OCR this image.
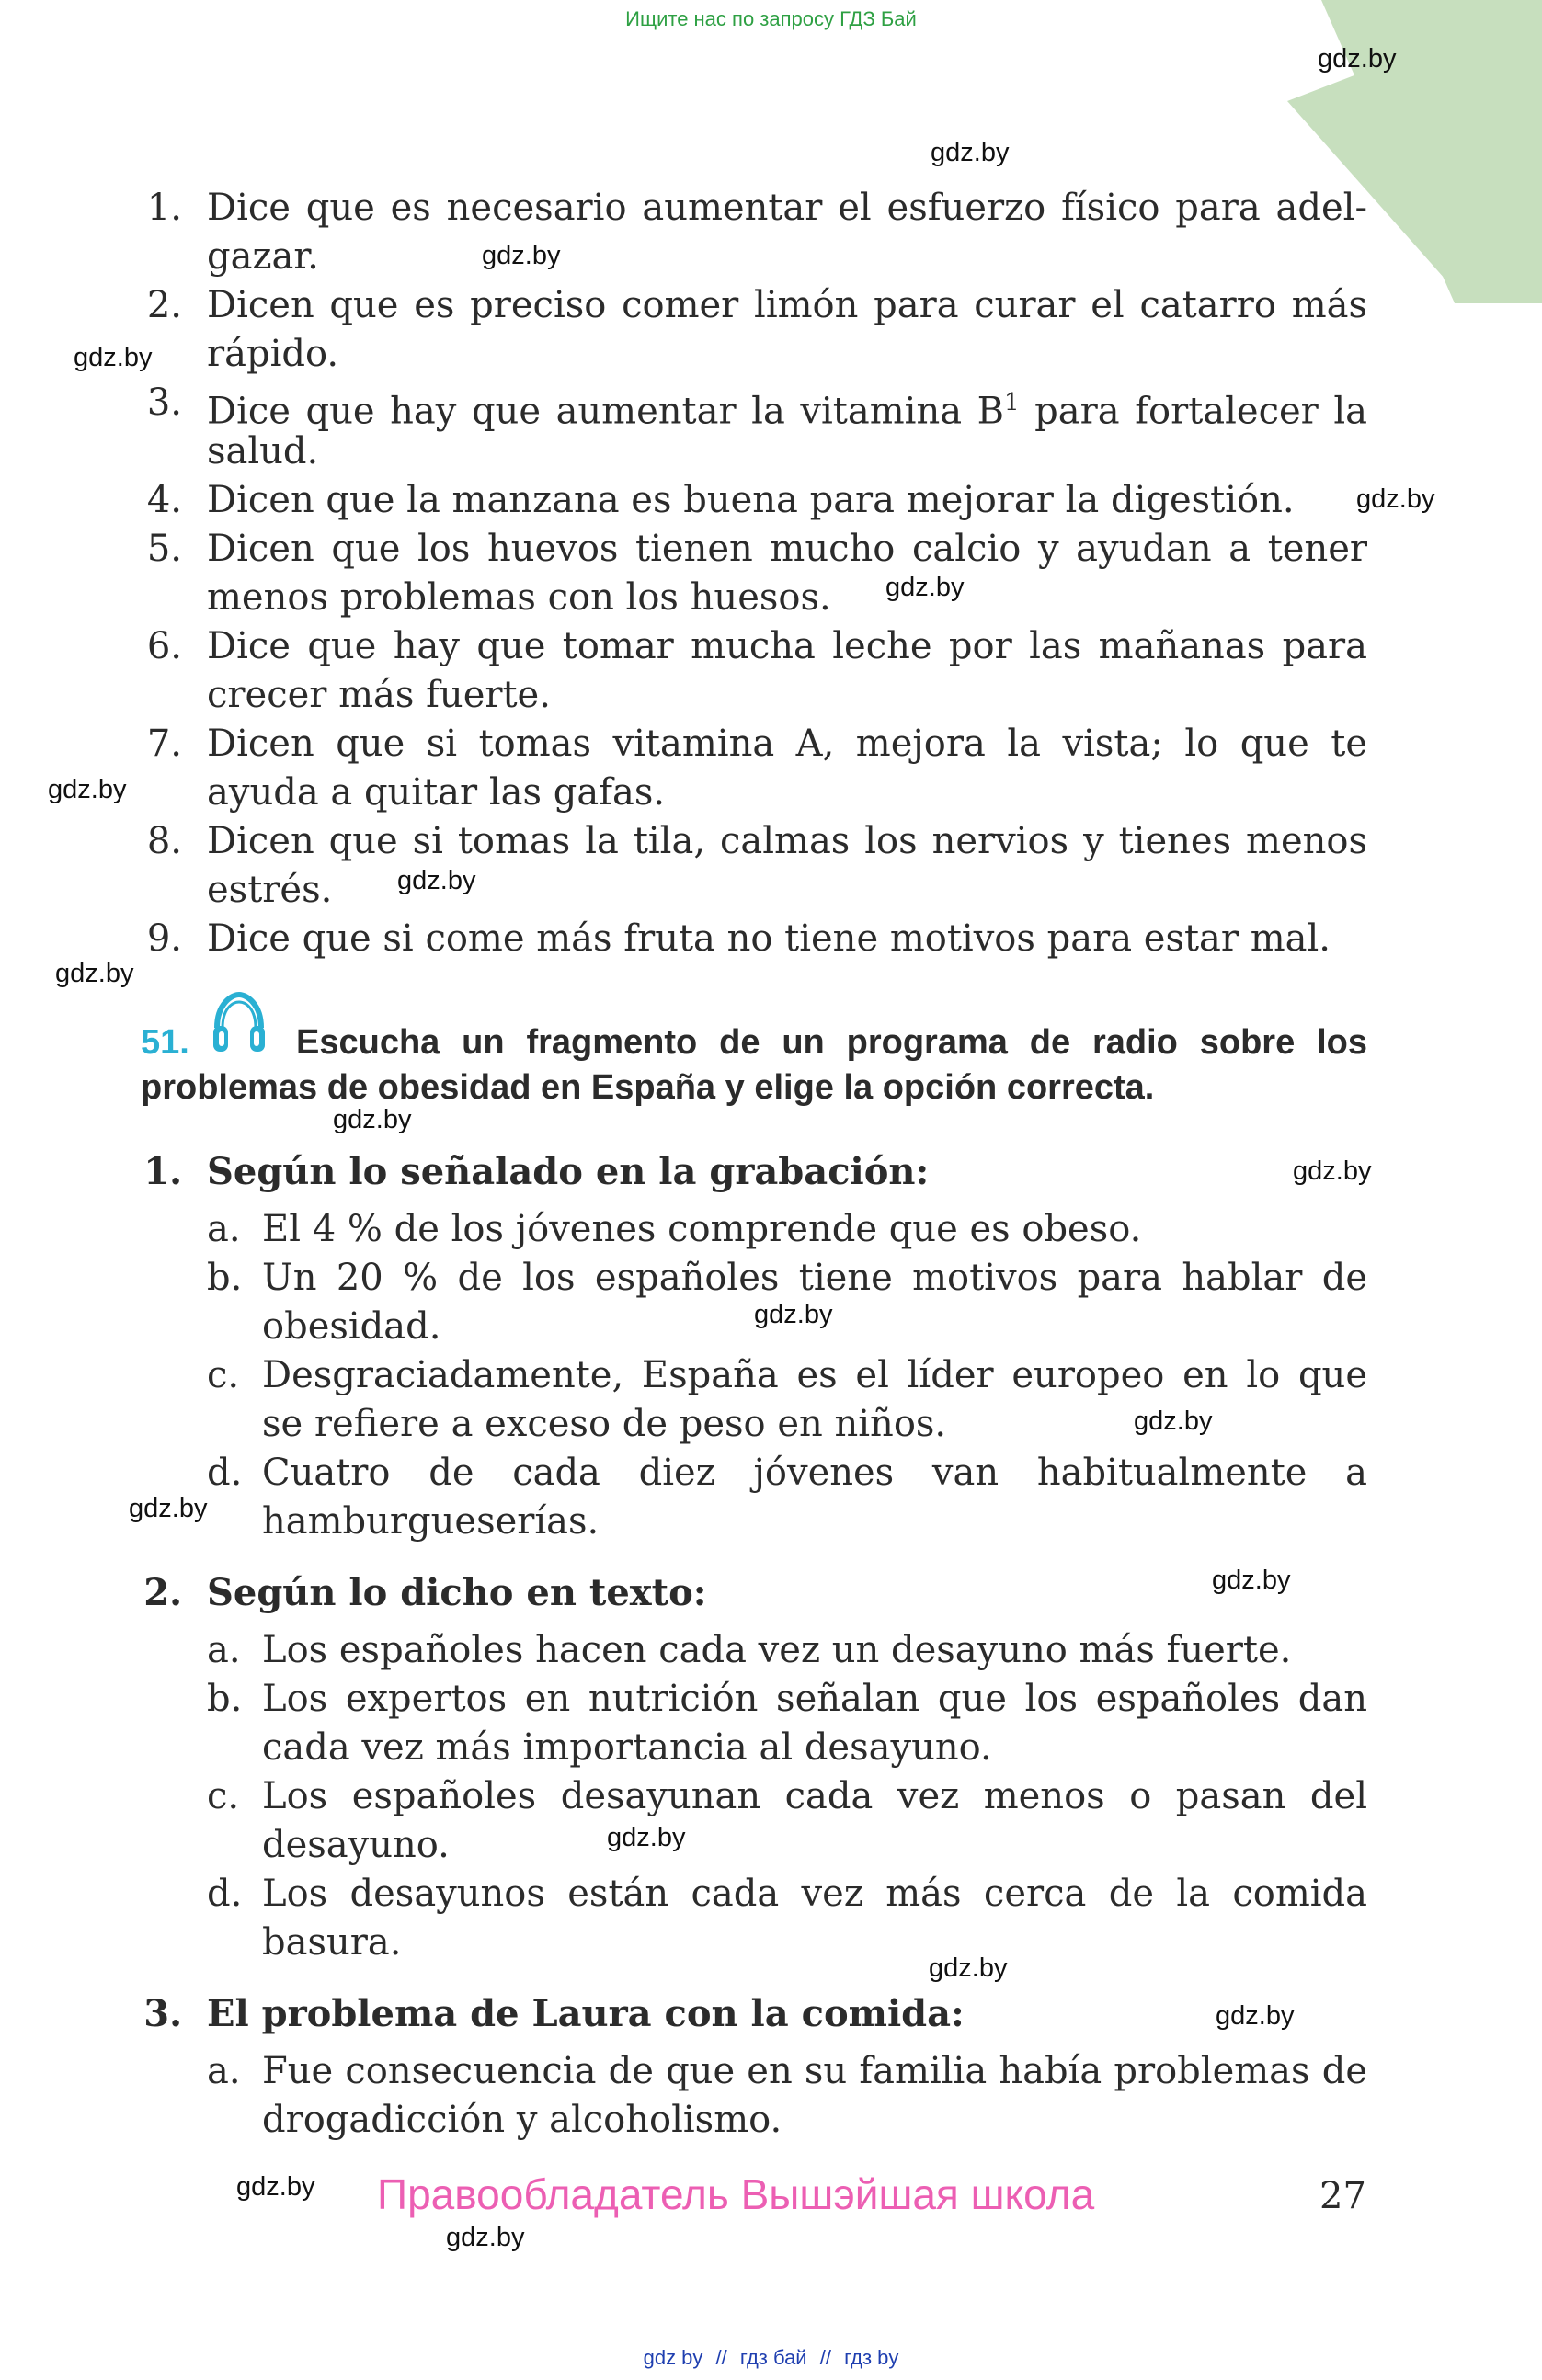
Ищите нас по запросу ГДЗ Бай
gdz.by
gdz.by
gdz.by
gdz.by
gdz.by
gdz.by
gdz.by
gdz.by
gdz.by
gdz.by
gdz.by
gdz.by
gdz.by
gdz.by
gdz.by
gdz.by
gdz.by
gdz.by
gdz.by
gdz.by
1. Dice que es necesario aumentar el esfuerzo físico para adel-
gazar.
2. Dicen que es preciso comer limón para curar el catarro más
rápido.
3. Dice que hay que aumentar la vitamina $B^1$ para fortalecer la
salud.
4. Dicen que la manzana es buena para mejorar la digestión.
5. Dicen que los huevos tienen mucho calcio y ayudan a tener
menos problemas con los huesos.
6. Dice que hay que tomar mucha leche por las mañanas para
crecer más fuerte.
7. Dicen que si tomas vitamina A, mejora la vista; lo que te
ayuda a quitar las gafas.
8. Dicen que si tomas la tila, calmas los nervios y tienes menos
estrés.
9. Dice que si come más fruta no tiene motivos para estar mal.
51.	Escucha un fragmento de un programa de radio sobre los
problemas de obesidad en España y elige la opción correcta.
1. Según lo señalado en la grabación:
a. El 4 % de los jóvenes comprende que es obeso.
b. Un 20 % de los españoles tiene motivos para hablar de
obesidad.
c. Desgraciadamente, España es el líder europeo en lo que
se refiere a exceso de peso en niños.
d. Cuatro de cada diez jóvenes van habitualmente a
hamburgueserías.
2. Según lo dicho en texto:
a. Los españoles hacen cada vez un desayuno más fuerte.
b. Los expertos en nutrición señalan que los españoles dan
cada vez más importancia al desayuno.
c. Los españoles desayunan cada vez menos o pasan del
desayuno.
d. Los desayunos están cada vez más cerca de la comida
basura.
3. El problema de Laura con la comida:
a. Fue consecuencia de que en su familia había problemas de
drogadicción y alcoholismo.
Правообладатель Вышэйшая школа	27
gdz by // гдз бай // гдз by
